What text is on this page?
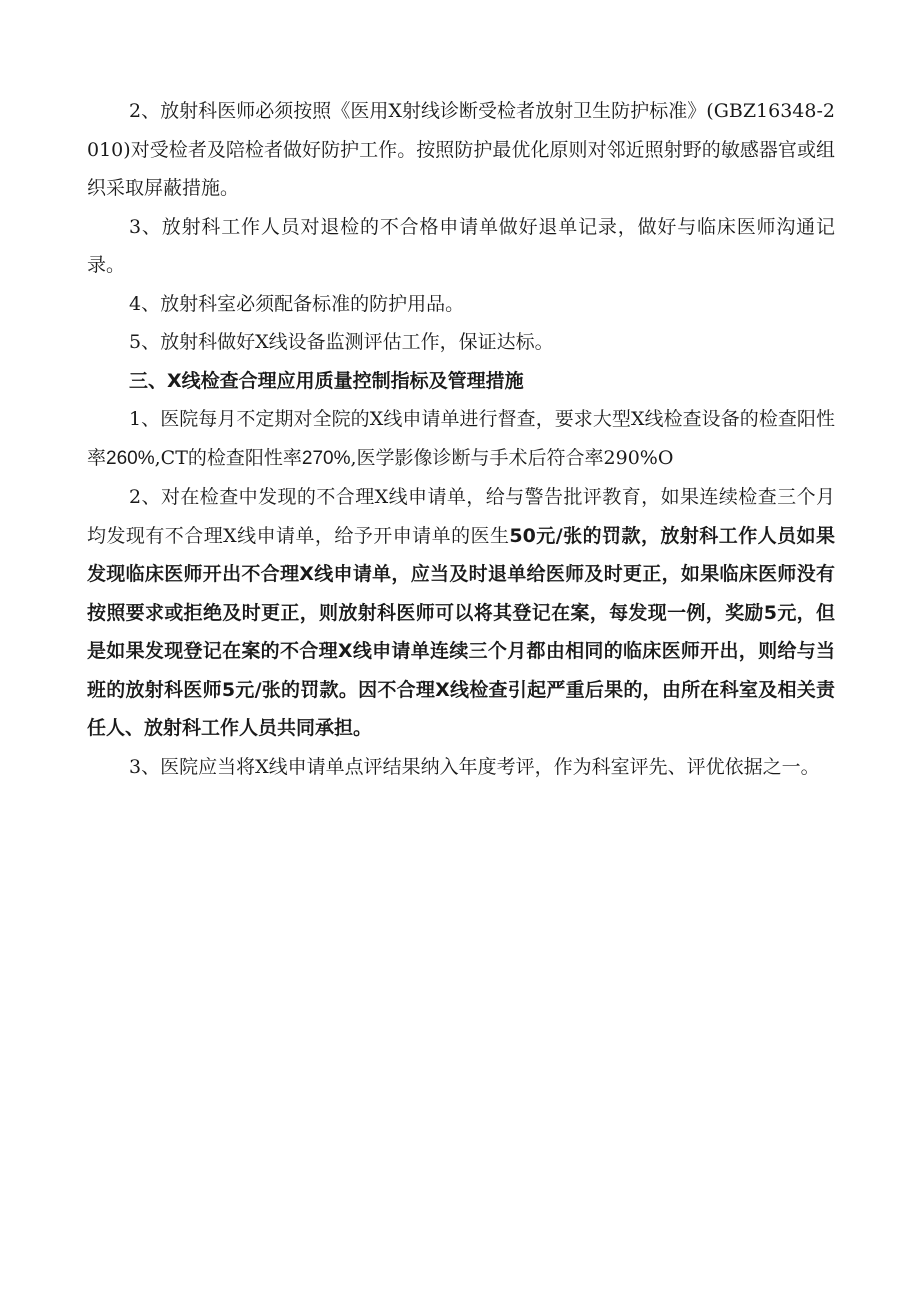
2、放射科医师必须按照《医用X射线诊断受检者放射卫生防护标准》(GBZ16348-2010)对受检者及陪检者做好防护工作。按照防护最优化原则对邻近照射野的敏感器官或组织采取屏蔽措施。

3、放射科工作人员对退检的不合格申请单做好退单记录，做好与临床医师沟通记录。

4、放射科室必须配备标准的防护用品。

5、放射科做好X线设备监测评估工作，保证达标。

三、X线检查合理应用质量控制指标及管理措施

1、医院每月不定期对全院的X线申请单进行督查，要求大型X线检查设备的检查阳性率260%,CT的检查阳性率270%,医学影像诊断与手术后符合率290%O

2、对在检查中发现的不合理X线申请单，给与警告批评教育，如果连续检查三个月均发现有不合理X线申请单，给予开申请单的医生50元/张的罚款，放射科工作人员如果发现临床医师开出不合理X线申请单，应当及时退单给医师及时更正，如果临床医师没有按照要求或拒绝及时更正，则放射科医师可以将其登记在案，每发现一例，奖励5元，但是如果发现登记在案的不合理X线申请单连续三个月都由相同的临床医师开出，则给与当班的放射科医师5元/张的罚款。因不合理X线检查引起严重后果的，由所在科室及相关责任人、放射科工作人员共同承担。

3、医院应当将X线申请单点评结果纳入年度考评，作为科室评先、评优依据之一。
